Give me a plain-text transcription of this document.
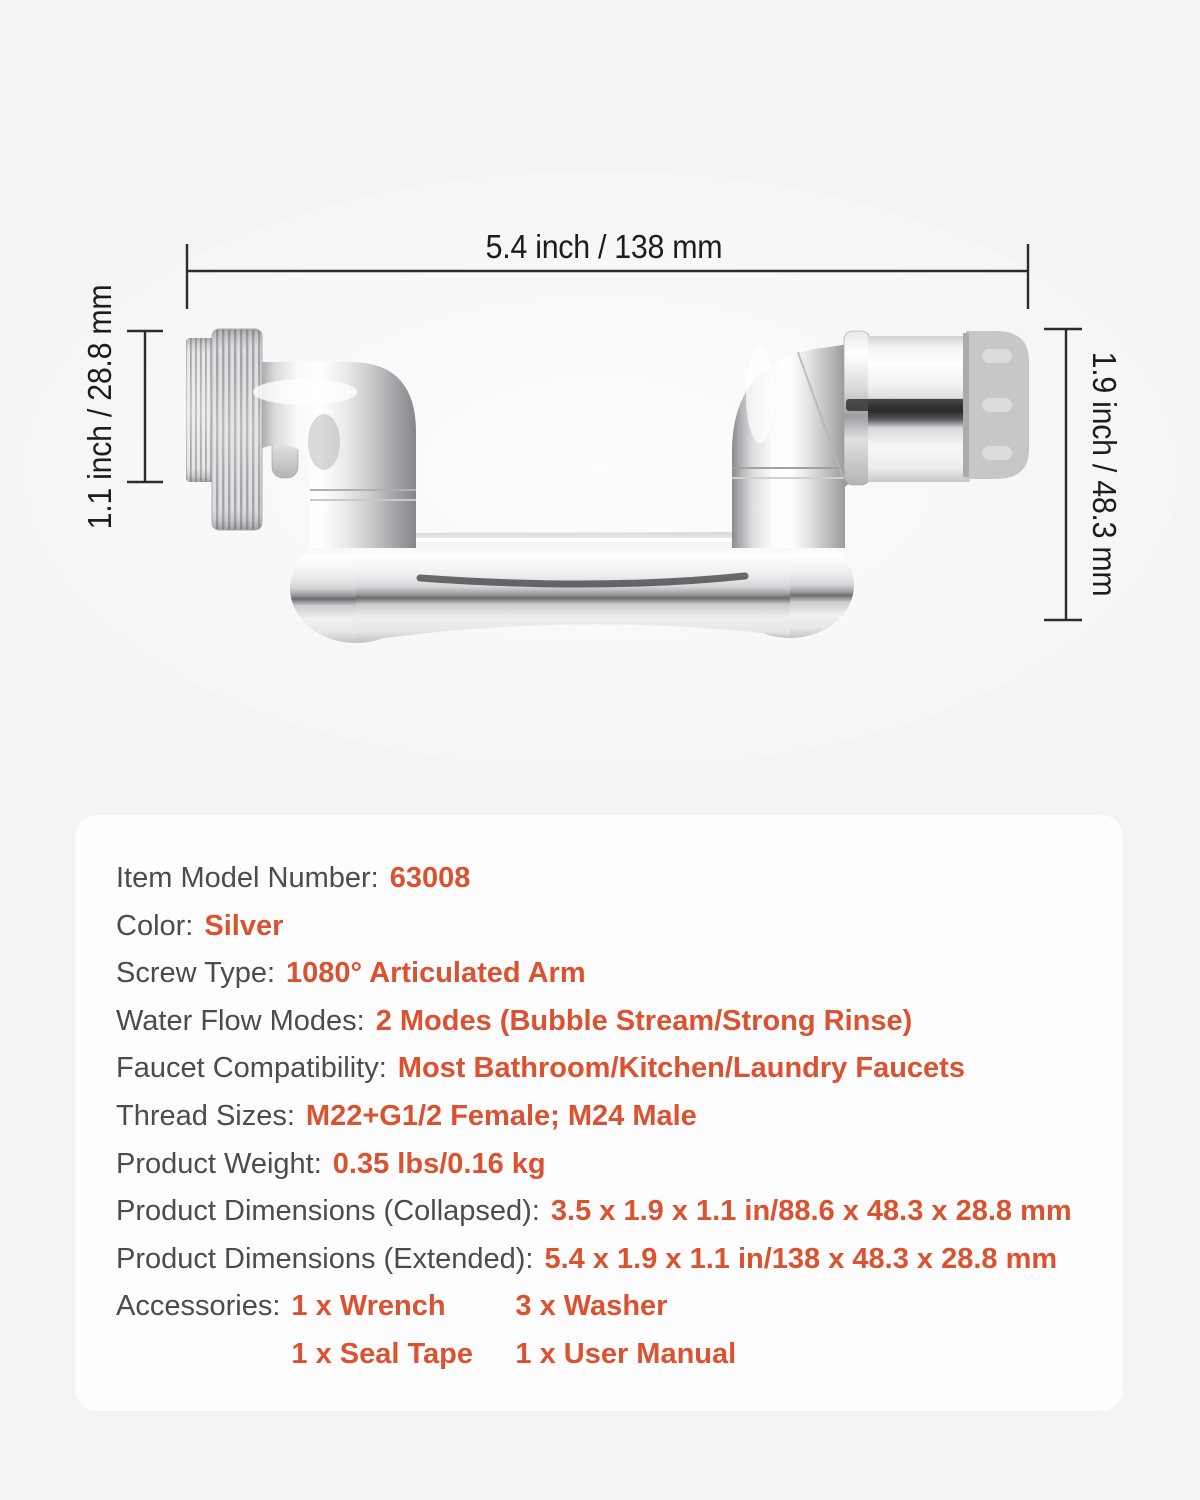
5.4 inch / 138 mm
1.1 inch / 28.8 mm	1.9 inch / 48.3 mm
Item Model Number: 63008
Color: Silver
Screw Type: 1080° Articulated Arm
Water Flow Modes: 2 Modes (Bubble Stream/Strong Rinse)
Faucet Compatibility: Most Bathroom/Kitchen/Laundry Faucets
Thread Sizes: M22+G1/2 Female; M24 Male
Product Weight: 0.35 lbs/0.16 kg
Product Dimensions (Collapsed): 3.5 x 1.9 x 1.1 in/88.6 x 48.3 x 28.8 mm
Product Dimensions (Extended): 5.4 x 1.9 x 1.1 in/138 x 48.3 x 28.8 mm
Accessories: 1 x Wrench	3 x Washer
1 x Seal Tape	1 x User Manual
